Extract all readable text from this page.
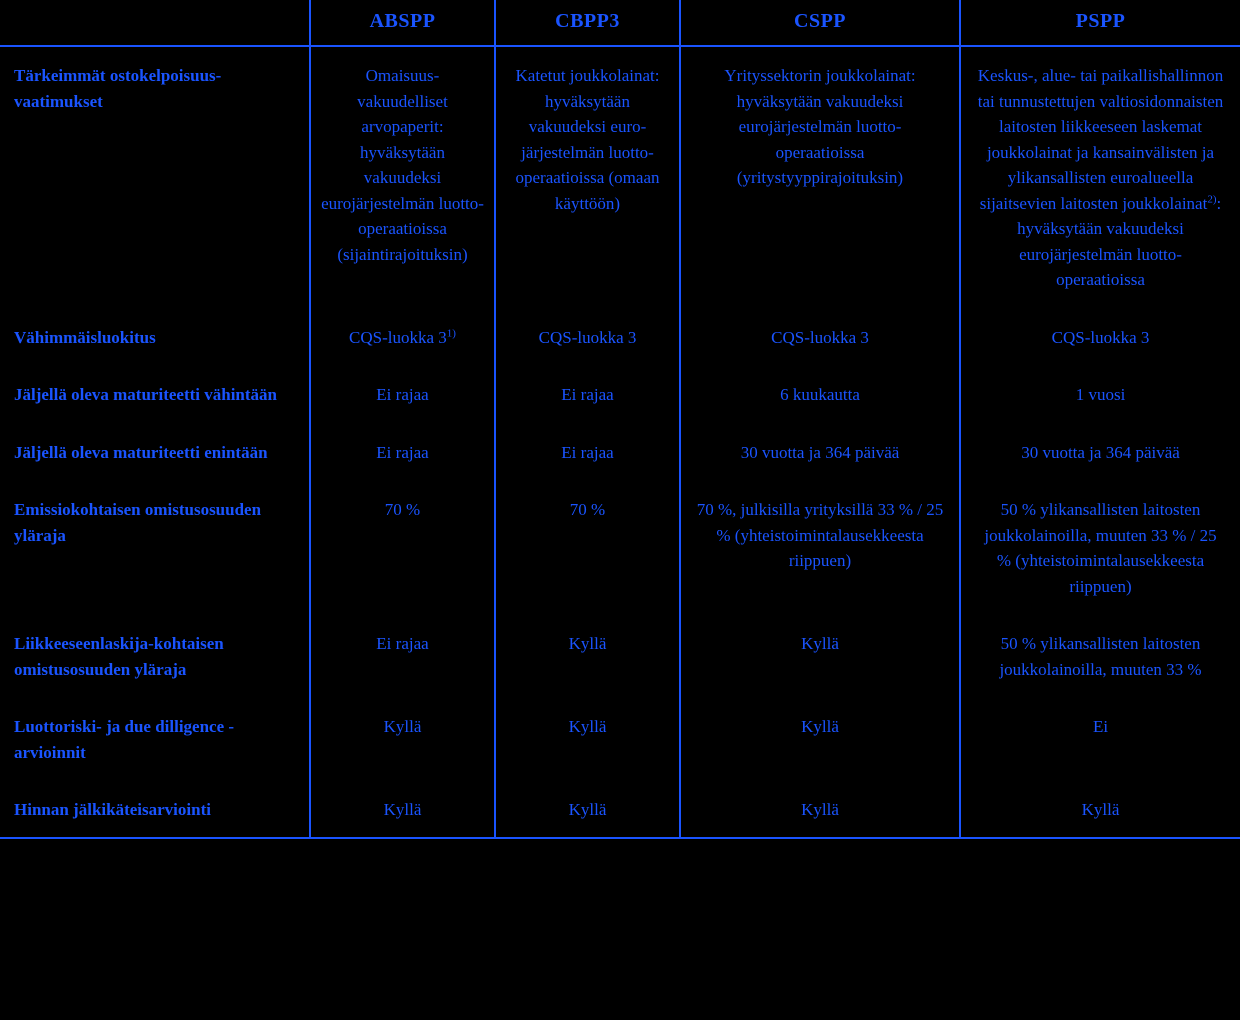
	ABSPP	CBPP3	CSPP	PSPP
Tärkeimmät ostokelpoisuus-vaatimukset	Omaisuus-vakuudelliset arvopaperit: hyväksytään vakuudeksi eurojärjestelmän luotto-operaatioissa (sijaintirajoituksin)	Katetut joukkolainat: hyväksytään vakuudeksi euro-järjestelmän luotto-operaatioissa (omaan käyttöön)	Yrityssektorin joukkolainat: hyväksytään vakuudeksi eurojärjestelmän luotto-operaatioissa (yritystyyppirajoituksin)	Keskus-, alue- tai paikallishallinnon tai tunnustettujen valtiosidonnaisten laitosten liikkeeseen laskemat joukkolainat ja kansainvälisten ja ylikansallisten euroalueella sijaitsevien laitosten joukkolainat$^{2)}$: hyväksytään vakuudeksi eurojärjestelmän luotto-operaatioissa

Vähimmäisluokitus	CQS-luokka 3$^{1)}$	CQS-luokka 3	CQS-luokka 3	CQS-luokka 3

Jäljellä oleva maturiteetti vähintään	Ei rajaa	Ei rajaa	6 kuukautta	1 vuosi

Jäljellä oleva maturiteetti enintään	Ei rajaa	Ei rajaa	30 vuotta ja 364 päivää	30 vuotta ja 364 päivää

Emissiokohtaisen omistusosuuden yläraja	70 %	70 %	70 %, julkisilla yrityksillä 33 % / 25 % (yhteistoimintalausekkeesta riippuen)	50 % ylikansallisten laitosten joukkolainoilla, muuten 33 % / 25 % (yhteistoimintalausekkeesta riippuen)

Liikkeeseenlaskija-kohtaisen omistusosuuden yläraja	Ei rajaa	Kyllä	Kyllä	50 % ylikansallisten laitosten joukkolainoilla, muuten 33 %

Luottoriski- ja due dilligence -arvioinnit	Kyllä	Kyllä	Kyllä	Ei

Hinnan jälkikäteisarviointi	Kyllä	Kyllä	Kyllä	Kyllä
